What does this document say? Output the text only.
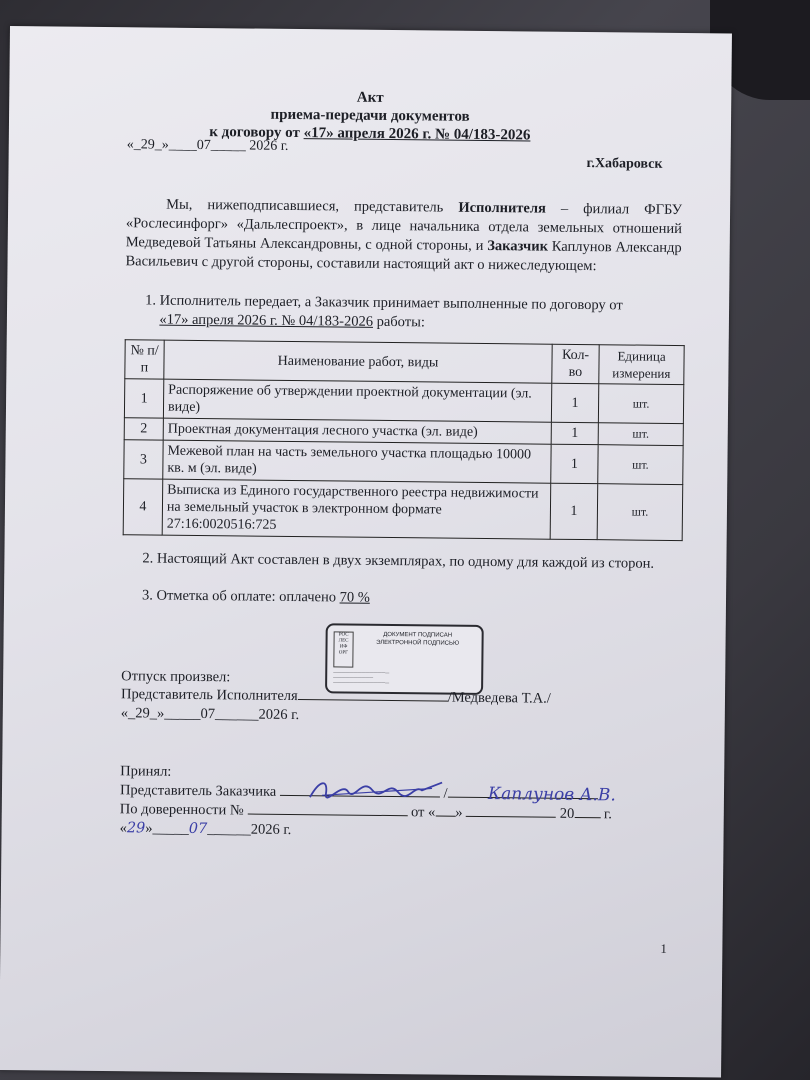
Акт
приема-передачи документов
к договору от «17» апреля 2026 г. № 04/183-2026
«_29_»____07_____ 2026 г.
г.Хабаровск
Мы, нижеподписавшиеся, представитель Исполнителя – филиал ФГБУ «Рослесинфорг» «Дальлеспроект», в лице начальника отдела земельных отношений Медведевой Татьяны Александровны, с одной стороны, и Заказчик Каплунов Александр Васильевич с другой стороны, составили настоящий акт о нижеследующем:
1. Исполнитель передает, а Заказчик принимает выполненные по договору от
«17» апреля 2026 г. № 04/183-2026 работы:
№ п/п	Наименование работ, виды	Кол-во	Единица измерения
1	Распоряжение об утверждении проектной документации (эл. виде)	1	шт.
2	Проектная документация лесного участка (эл. виде)	1	шт.
3	Межевой план на часть земельного участка площадью 10000 кв. м (эл. виде)	1	шт.
4	Выписка из Единого государственного реестра недвижимости на земельный участок в электронном формате 27:16:0020516:725	1	шт.
2. Настоящий Акт составлен в двух экземплярах, по одному для каждой из сторон.
3. Отметка об оплате: оплачено 70 %
РОС ЛЕС ИФ ОРГ
ДОКУМЕНТ ПОДПИСАН
ЭЛЕКТРОННОЙ ПОДПИСЬЮ
——————————————
——————————
——————————————
Отпуск произвел:
Представитель Исполнителя	/Медведева Т.А./
«_29_»_____07______2026 г.
Принял:
Представитель Заказчика	/	Каплунов А.В.
По доверенности №	от « »	20 г.
«29»_____07______2026 г.
1
